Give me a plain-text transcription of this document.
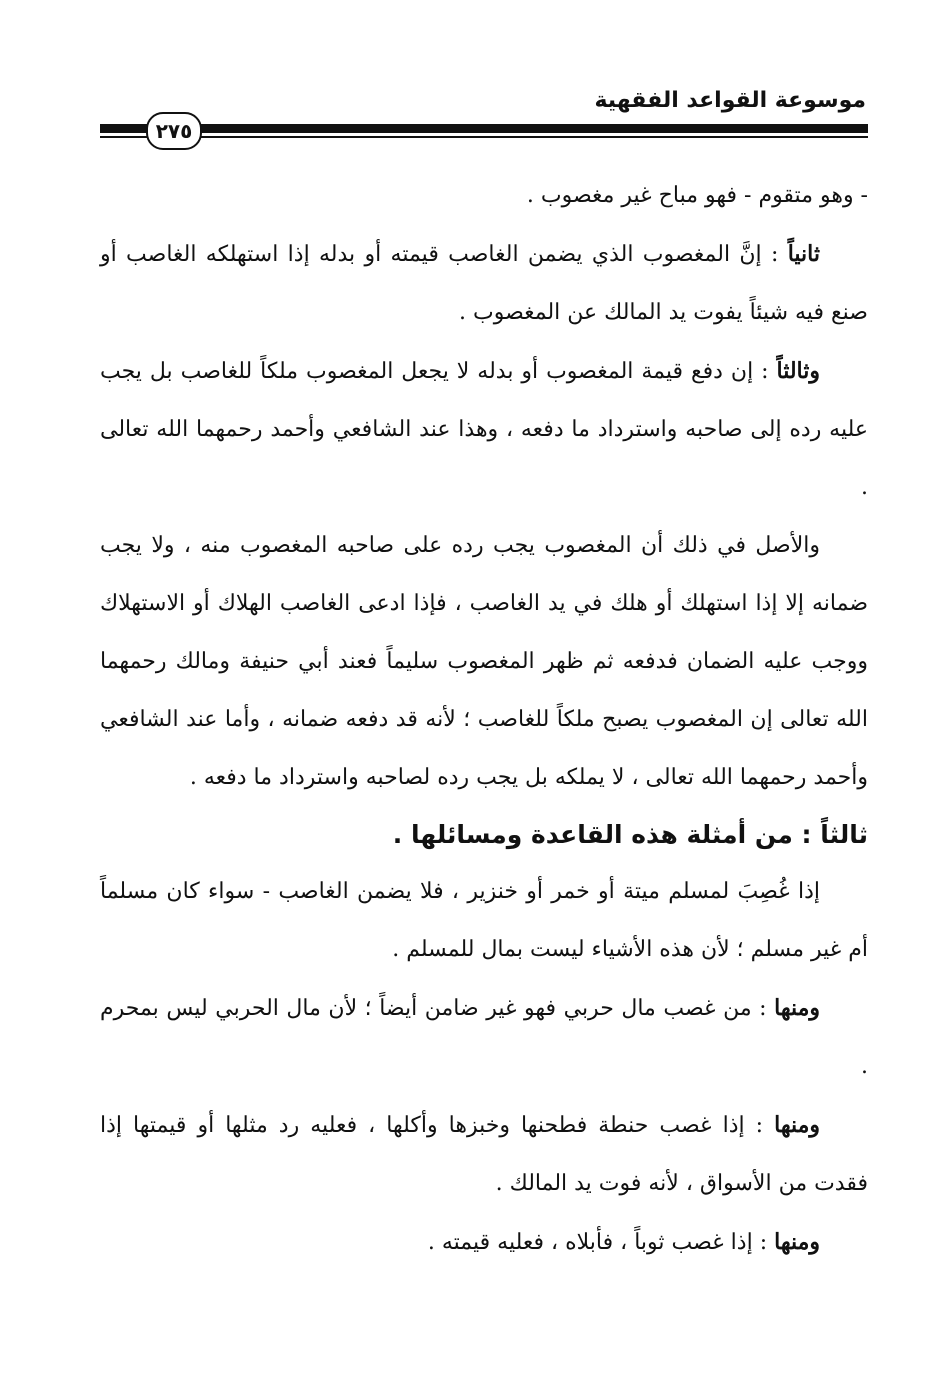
موسوعة القواعد الفقهية
٢٧٥

- وهو متقوم - فهو مباح غير مغصوب .

ثانياً : إنَّ المغصوب الذي يضمن الغاصب قيمته أو بدله إذا استهلكه الغاصب أو صنع فيه شيئاً يفوت يد المالك عن المغصوب .

وثالثاً : إن دفع قيمة المغصوب أو بدله لا يجعل المغصوب ملكاً للغاصب بل يجب عليه رده إلى صاحبه واسترداد ما دفعه ، وهذا عند الشافعي وأحمد رحمهما الله تعالى .

والأصل في ذلك أن المغصوب يجب رده على صاحبه المغصوب منه ، ولا يجب ضمانه إلا إذا استهلك أو هلك في يد الغاصب ، فإذا ادعى الغاصب الهلاك أو الاستهلاك ووجب عليه الضمان فدفعه ثم ظهر المغصوب سليماً فعند أبي حنيفة ومالك رحمهما الله تعالى إن المغصوب يصبح ملكاً للغاصب ؛ لأنه قد دفعه ضمانه ، وأما عند الشافعي وأحمد رحمهما الله تعالى ، لا يملكه بل يجب رده لصاحبه واسترداد ما دفعه .

ثالثاً : من أمثلة هذه القاعدة ومسائلها .

إذا غُصِبَ لمسلم ميتة أو خمر أو خنزير ، فلا يضمن الغاصب - سواء كان مسلماً أم غير مسلم ؛ لأن هذه الأشياء ليست بمال للمسلم .

ومنها : من غصب مال حربي فهو غير ضامن أيضاً ؛ لأن مال الحربي ليس بمحرم .

ومنها : إذا غصب حنطة فطحنها وخبزها وأكلها ، فعليه رد مثلها أو قيمتها إذا فقدت من الأسواق ، لأنه فوت يد المالك .

ومنها : إذا غصب ثوباً ، فأبلاه ، فعليه قيمته .
